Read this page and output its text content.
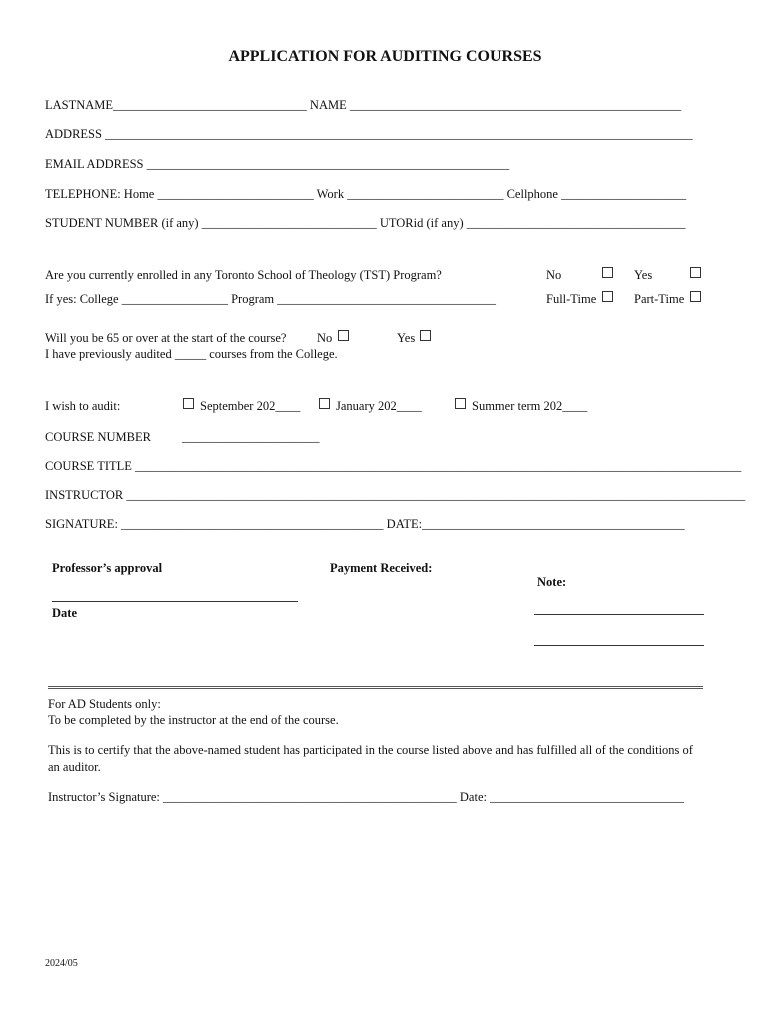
APPLICATION FOR AUDITING COURSES
LASTNAME_______________________________ NAME _____________________________________________________
ADDRESS ______________________________________________________________________________________________
EMAIL ADDRESS __________________________________________________________
TELEPHONE: Home _________________________ Work _________________________ Cellphone ____________________
STUDENT NUMBER (if any) ____________________________ UTORid (if any) ___________________________________
Are you currently enrolled in any Toronto School of Theology (TST) Program?	No	Yes
If yes: College _________________ Program ___________________________________	Full-Time	Part-Time
Will you be 65 or over at the start of the course? No	Yes
I have previously audited _____ courses from the College.
I wish to audit:	September 202____	January 202____	Summer term 202____
COURSE NUMBER ______________________
COURSE TITLE _________________________________________________________________________________________________
INSTRUCTOR ___________________________________________________________________________________________________
SIGNATURE: __________________________________________ DATE:__________________________________________
Professor’s approval	Payment Received:
Note:
Date
For AD Students only:
To be completed by the instructor at the end of the course.
This is to certify that the above-named student has participated in the course listed above and has fulfilled all of the conditions of an auditor.
Instructor’s Signature: _______________________________________________ Date: _______________________________
2024/05
